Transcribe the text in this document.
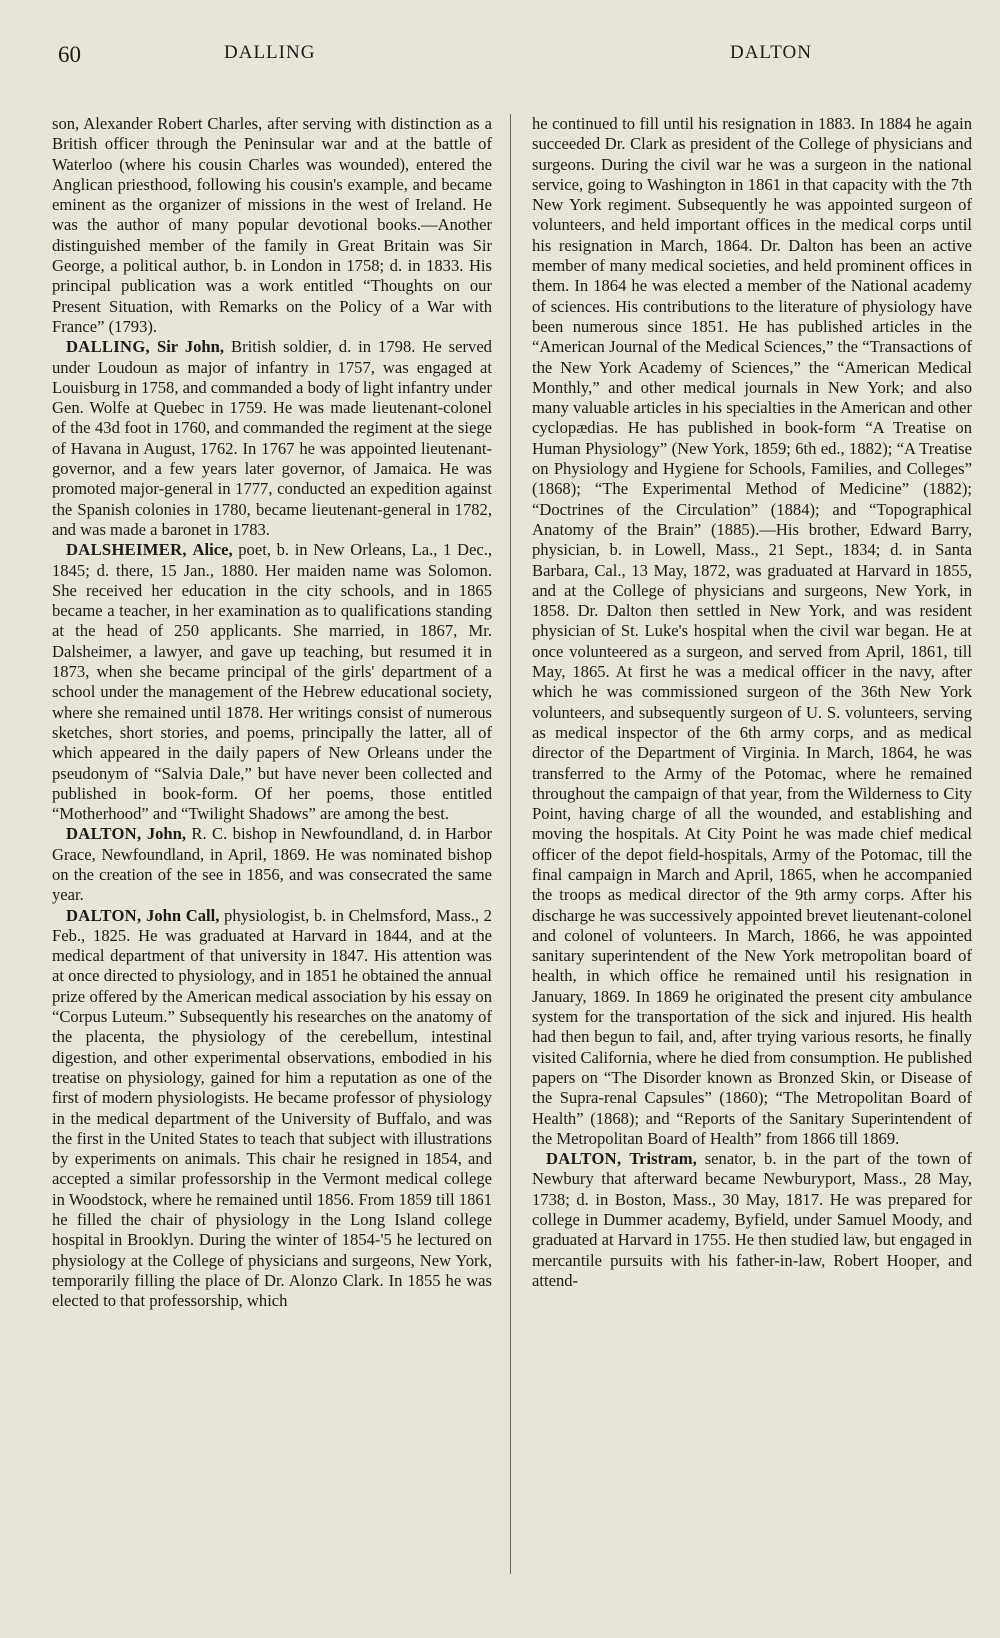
60	DALLING	DALTON

son, Alexander Robert Charles, after serving with distinction as a British officer through the Peninsular war and at the battle of Waterloo (where his cousin Charles was wounded), entered the Anglican priesthood, following his cousin's example, and became eminent as the organizer of missions in the west of Ireland. He was the author of many popular devotional books.—Another distinguished member of the family in Great Britain was Sir George, a political author, b. in London in 1758; d. in 1833. His principal publication was a work entitled “Thoughts on our Present Situation, with Remarks on the Policy of a War with France” (1793).

DALLING, Sir John, British soldier, d. in 1798. He served under Loudoun as major of infantry in 1757, was engaged at Louisburg in 1758, and commanded a body of light infantry under Gen. Wolfe at Quebec in 1759. He was made lieutenant-colonel of the 43d foot in 1760, and commanded the regiment at the siege of Havana in August, 1762. In 1767 he was appointed lieutenant-governor, and a few years later governor, of Jamaica. He was promoted major-general in 1777, conducted an expedition against the Spanish colonies in 1780, became lieutenant-general in 1782, and was made a baronet in 1783.

DALSHEIMER, Alice, poet, b. in New Orleans, La., 1 Dec., 1845; d. there, 15 Jan., 1880. Her maiden name was Solomon. She received her education in the city schools, and in 1865 became a teacher, in her examination as to qualifications standing at the head of 250 applicants. She married, in 1867, Mr. Dalsheimer, a lawyer, and gave up teaching, but resumed it in 1873, when she became principal of the girls' department of a school under the management of the Hebrew educational society, where she remained until 1878. Her writings consist of numerous sketches, short stories, and poems, principally the latter, all of which appeared in the daily papers of New Orleans under the pseudonym of “Salvia Dale,” but have never been collected and published in book-form. Of her poems, those entitled “Motherhood” and “Twilight Shadows” are among the best.

DALTON, John, R. C. bishop in Newfoundland, d. in Harbor Grace, Newfoundland, in April, 1869. He was nominated bishop on the creation of the see in 1856, and was consecrated the same year.

DALTON, John Call, physiologist, b. in Chelmsford, Mass., 2 Feb., 1825. He was graduated at Harvard in 1844, and at the medical department of that university in 1847. His attention was at once directed to physiology, and in 1851 he obtained the annual prize offered by the American medical association by his essay on “Corpus Luteum.” Subsequently his researches on the anatomy of the placenta, the physiology of the cerebellum, intestinal digestion, and other experimental observations, embodied in his treatise on physiology, gained for him a reputation as one of the first of modern physiologists. He became professor of physiology in the medical department of the University of Buffalo, and was the first in the United States to teach that subject with illustrations by experiments on animals. This chair he resigned in 1854, and accepted a similar professorship in the Vermont medical college in Woodstock, where he remained until 1856. From 1859 till 1861 he filled the chair of physiology in the Long Island college hospital in Brooklyn. During the winter of 1854-'5 he lectured on physiology at the College of physicians and surgeons, New York, temporarily filling the place of Dr. Alonzo Clark. In 1855 he was elected to that professorship, which

he continued to fill until his resignation in 1883. In 1884 he again succeeded Dr. Clark as president of the College of physicians and surgeons. During the civil war he was a surgeon in the national service, going to Washington in 1861 in that capacity with the 7th New York regiment. Subsequently he was appointed surgeon of volunteers, and held important offices in the medical corps until his resignation in March, 1864. Dr. Dalton has been an active member of many medical societies, and held prominent offices in them. In 1864 he was elected a member of the National academy of sciences. His contributions to the literature of physiology have been numerous since 1851. He has published articles in the “American Journal of the Medical Sciences,” the “Transactions of the New York Academy of Sciences,” the “American Medical Monthly,” and other medical journals in New York; and also many valuable articles in his specialties in the American and other cyclopædias. He has published in book-form “A Treatise on Human Physiology” (New York, 1859; 6th ed., 1882); “A Treatise on Physiology and Hygiene for Schools, Families, and Colleges” (1868); “The Experimental Method of Medicine” (1882); “Doctrines of the Circulation” (1884); and “Topographical Anatomy of the Brain” (1885).—His brother, Edward Barry, physician, b. in Lowell, Mass., 21 Sept., 1834; d. in Santa Barbara, Cal., 13 May, 1872, was graduated at Harvard in 1855, and at the College of physicians and surgeons, New York, in 1858. Dr. Dalton then settled in New York, and was resident physician of St. Luke's hospital when the civil war began. He at once volunteered as a surgeon, and served from April, 1861, till May, 1865. At first he was a medical officer in the navy, after which he was commissioned surgeon of the 36th New York volunteers, and subsequently surgeon of U. S. volunteers, serving as medical inspector of the 6th army corps, and as medical director of the Department of Virginia. In March, 1864, he was transferred to the Army of the Potomac, where he remained throughout the campaign of that year, from the Wilderness to City Point, having charge of all the wounded, and establishing and moving the hospitals. At City Point he was made chief medical officer of the depot field-hospitals, Army of the Potomac, till the final campaign in March and April, 1865, when he accompanied the troops as medical director of the 9th army corps. After his discharge he was successively appointed brevet lieutenant-colonel and colonel of volunteers. In March, 1866, he was appointed sanitary superintendent of the New York metropolitan board of health, in which office he remained until his resignation in January, 1869. In 1869 he originated the present city ambulance system for the transportation of the sick and injured. His health had then begun to fail, and, after trying various resorts, he finally visited California, where he died from consumption. He published papers on “The Disorder known as Bronzed Skin, or Disease of the Supra-renal Capsules” (1860); “The Metropolitan Board of Health” (1868); and “Reports of the Sanitary Superintendent of the Metropolitan Board of Health” from 1866 till 1869.

DALTON, Tristram, senator, b. in the part of the town of Newbury that afterward became Newburyport, Mass., 28 May, 1738; d. in Boston, Mass., 30 May, 1817. He was prepared for college in Dummer academy, Byfield, under Samuel Moody, and graduated at Harvard in 1755. He then studied law, but engaged in mercantile pursuits with his father-in-law, Robert Hooper, and attend-
